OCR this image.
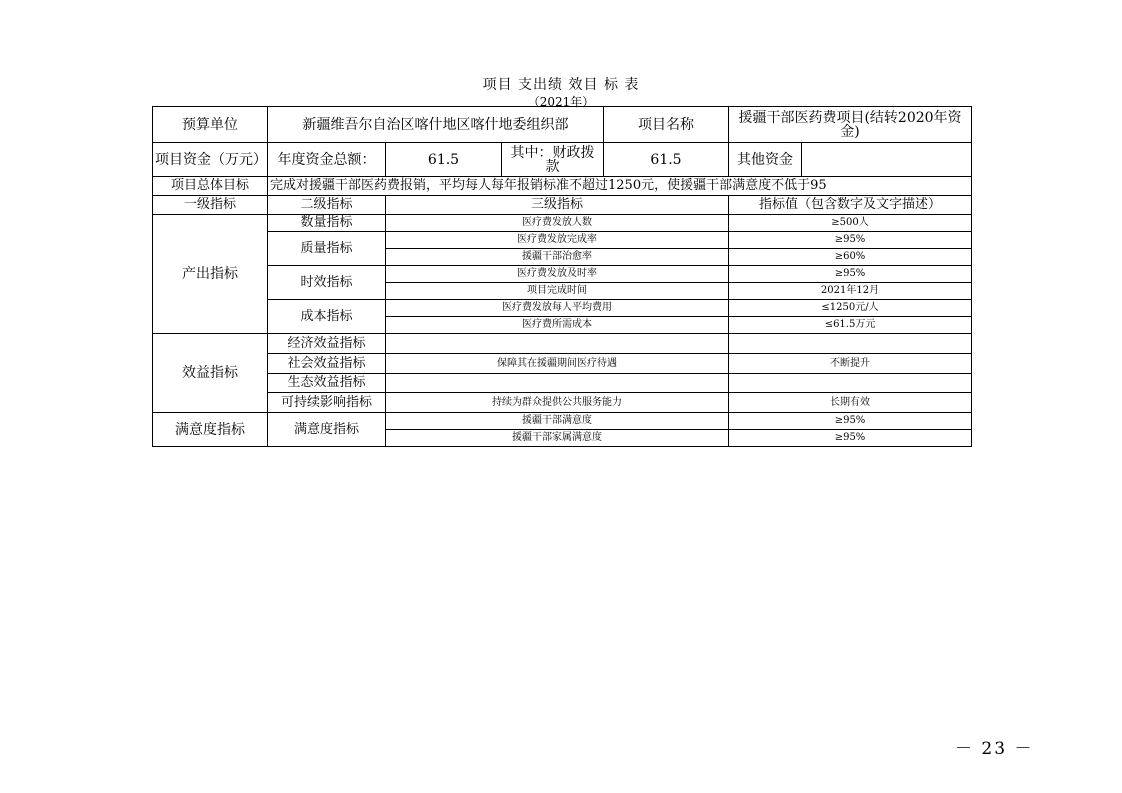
项目 支出绩 效目 标 表
（2021年）
预算单位	新疆维吾尔自治区喀什地区喀什地委组织部			项目名称	援疆干部医药费项目(结转2020年资金)	
项目资金（万元）	年度资金总额：	61.5	其中：财政拨款	61.5	其他资金	
项目总体目标	完成对援疆干部医药费报销，平均每人每年报销标准不超过1250元，使援疆干部满意度不低于95					
一级指标	二级指标	三级指标			指标值（包含数字及文字描述）	
产出指标	数量指标	医疗费发放人数			≥500人	
	质量指标	医疗费发放完成率			≥95%	
		援疆干部治愈率			≥60%	
	时效指标	医疗费发放及时率			≥95%	
		项目完成时间			2021年12月	
	成本指标	医疗费发放每人平均费用			≤1250元/人	
		医疗费所需成本			≤61.5万元	
效益指标	经济效益指标					
	社会效益指标	保障其在援疆期间医疗待遇			不断提升	
	生态效益指标					
	可持续影响指标	持续为群众提供公共服务能力			长期有效	
满意度指标	满意度指标	援疆干部满意度			≥95%	
		援疆干部家属满意度			≥95%	
－ 23 －
